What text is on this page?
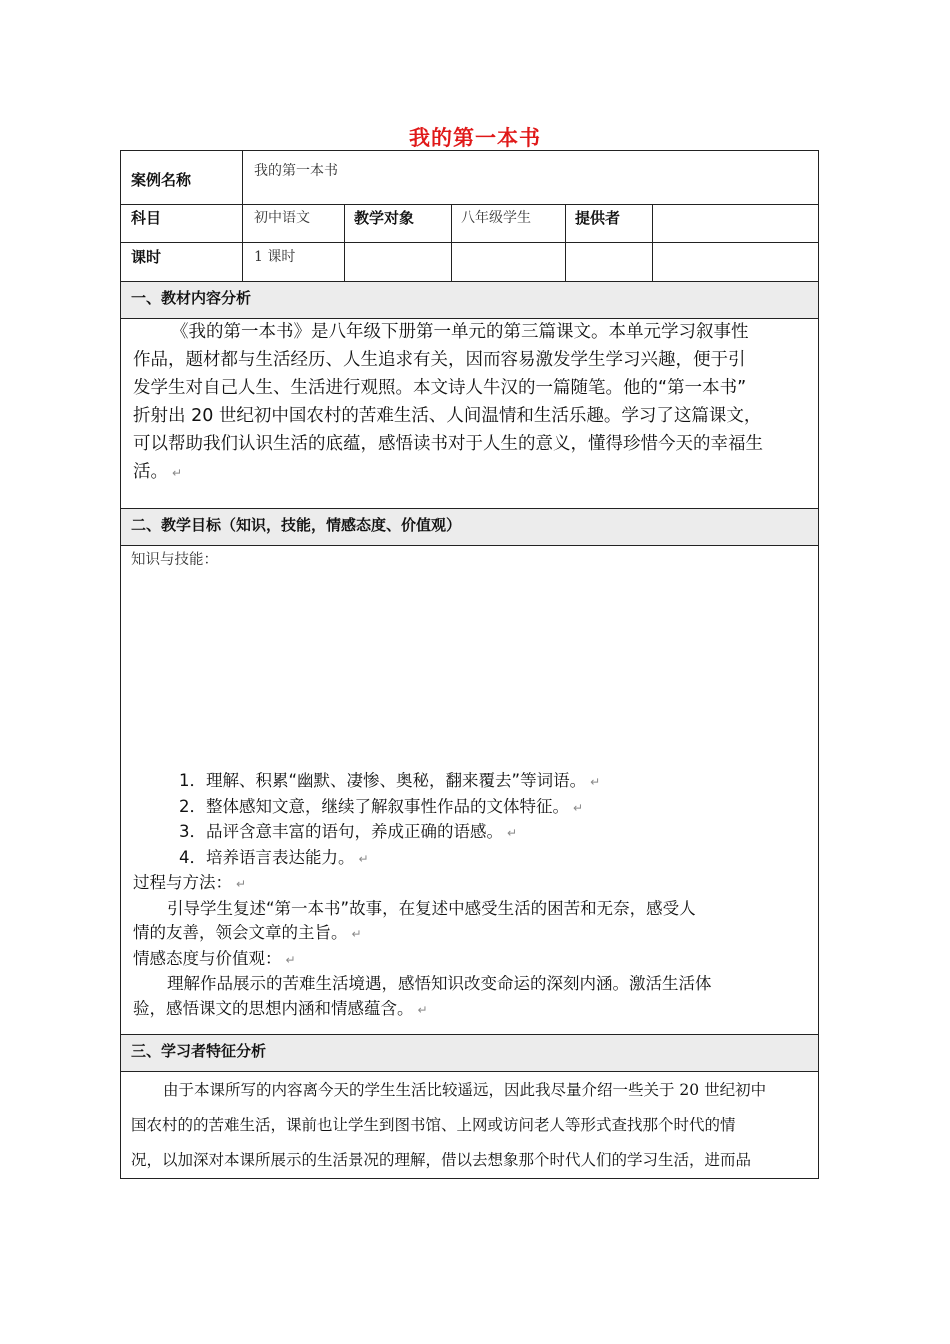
我的第一本书
案例名称	我的第一本书
科目	初中语文	教学对象	八年级学生	提供者
课时	1 课时
一、教材内容分析
《我的第一本书》是八年级下册第一单元的第三篇课文。本单元学习叙事性
作品，题材都与生活经历、人生追求有关，因而容易激发学生学习兴趣，便于引
发学生对自己人生、生活进行观照。本文诗人牛汉的一篇随笔。他的“第一本书”
折射出 20 世纪初中国农村的苦难生活、人间温情和生活乐趣。学习了这篇课文，
可以帮助我们认识生活的底蕴，感悟读书对于人生的意义，懂得珍惜今天的幸福生
活。 ↵
二、教学目标（知识，技能，情感态度、价值观）
知识与技能：
1．理解、积累“幽默、凄惨、奥秘，翻来覆去”等词语。 ↵
2．整体感知文意，继续了解叙事性作品的文体特征。 ↵
3．品评含意丰富的语句，养成正确的语感。 ↵
4．培养语言表达能力。 ↵
过程与方法： ↵
引导学生复述“第一本书”故事，在复述中感受生活的困苦和无奈，感受人
情的友善，领会文章的主旨。 ↵
情感态度与价值观： ↵
理解作品展示的苦难生活境遇，感悟知识改变命运的深刻内涵。激活生活体
验，感悟课文的思想内涵和情感蕴含。 ↵
三、学习者特征分析
由于本课所写的内容离今天的学生生活比较遥远，因此我尽量介绍一些关于 20 世纪初中
国农村的的苦难生活，课前也让学生到图书馆、上网或访问老人等形式查找那个时代的情
况，以加深对本课所展示的生活景况的理解，借以去想象那个时代人们的学习生活，进而品
